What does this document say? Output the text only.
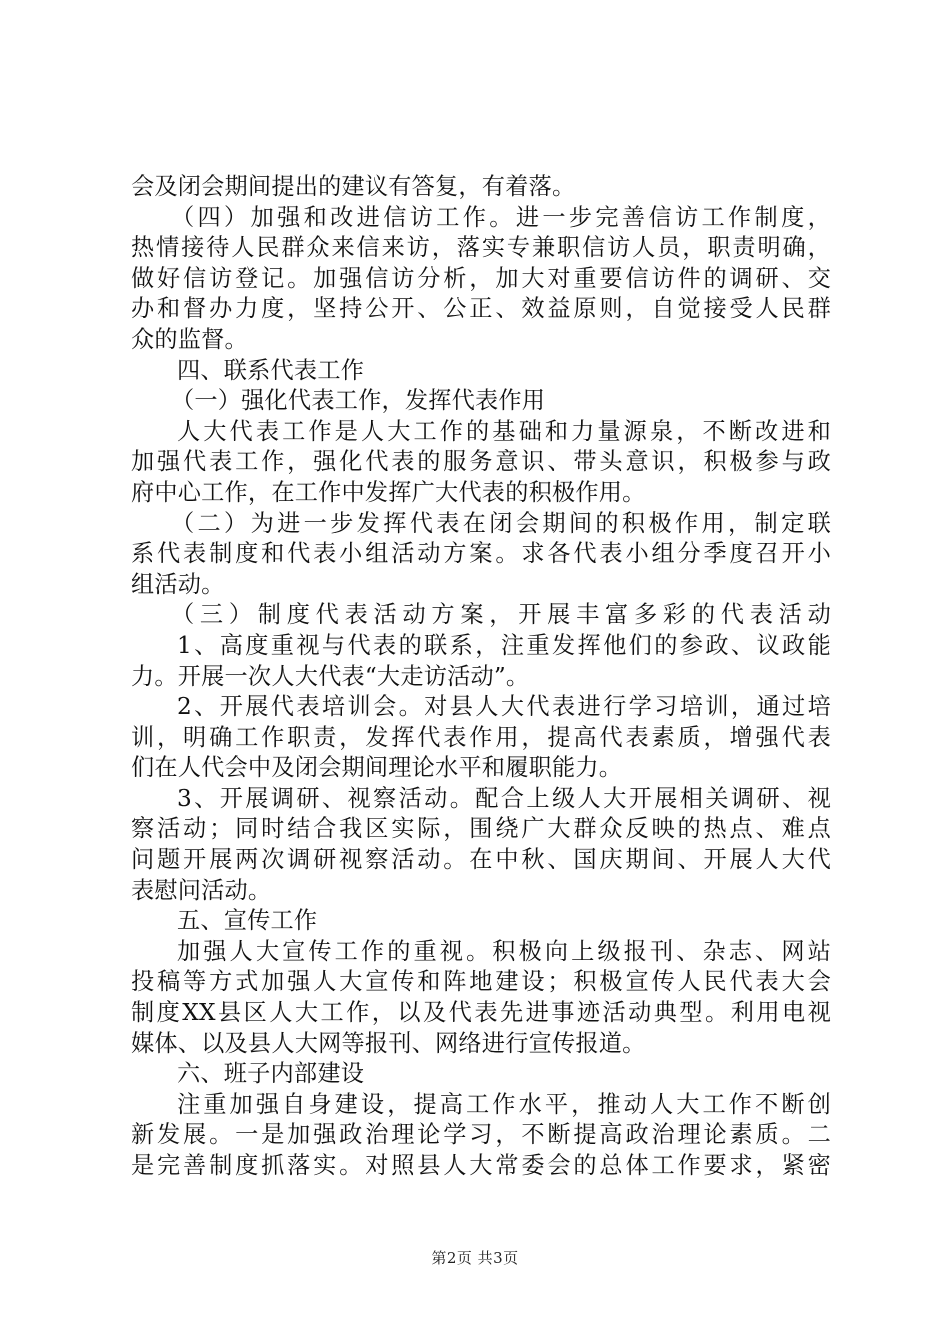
会及闭会期间提出的建议有答复，有着落。
（四）加强和改进信访工作。进一步完善信访工作制度，
热情接待人民群众来信来访，落实专兼职信访人员，职责明确，
做好信访登记。加强信访分析，加大对重要信访件的调研、交
办和督办力度，坚持公开、公正、效益原则，自觉接受人民群
众的监督。
四、联系代表工作
（一）强化代表工作，发挥代表作用
人大代表工作是人大工作的基础和力量源泉，不断改进和
加强代表工作，强化代表的服务意识、带头意识，积极参与政
府中心工作，在工作中发挥广大代表的积极作用。
（二）为进一步发挥代表在闭会期间的积极作用，制定联
系代表制度和代表小组活动方案。求各代表小组分季度召开小
组活动。
（三）制度代表活动方案，开展丰富多彩的代表活动
1、高度重视与代表的联系，注重发挥他们的参政、议政能
力。开展一次人大代表“大走访活动”。
2、开展代表培训会。对县人大代表进行学习培训，通过培
训，明确工作职责，发挥代表作用，提高代表素质，增强代表
们在人代会中及闭会期间理论水平和履职能力。
3、开展调研、视察活动。配合上级人大开展相关调研、视
察活动；同时结合我区实际，围绕广大群众反映的热点、难点
问题开展两次调研视察活动。在中秋、国庆期间、开展人大代
表慰问活动。
五、宣传工作
加强人大宣传工作的重视。积极向上级报刊、杂志、网站
投稿等方式加强人大宣传和阵地建设；积极宣传人民代表大会
制度XX县区人大工作，以及代表先进事迹活动典型。利用电视
媒体、以及县人大网等报刊、网络进行宣传报道。
六、班子内部建设
注重加强自身建设，提高工作水平，推动人大工作不断创
新发展。一是加强政治理论学习，不断提高政治理论素质。二
是完善制度抓落实。对照县人大常委会的总体工作要求，紧密
第2页 共3页
